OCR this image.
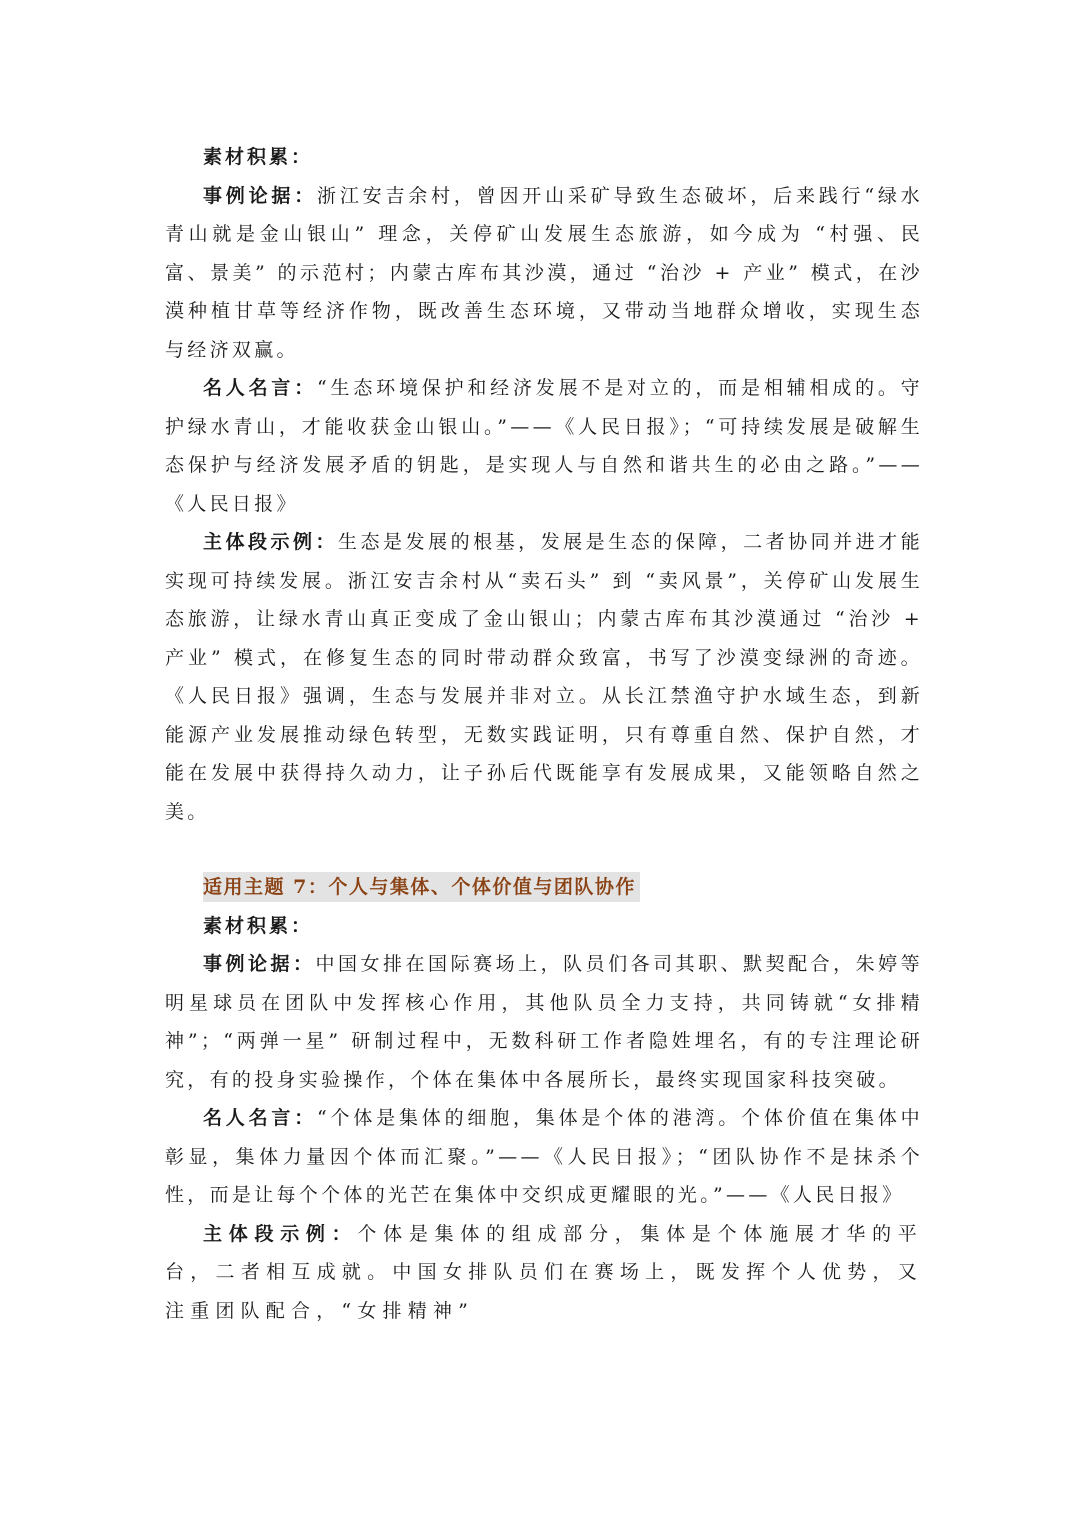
素材积累：

事例论据：浙江安吉余村，曾因开山采矿导致生态破坏，后来践行“绿水青山就是金山银山” 理念，关停矿山发展生态旅游，如今成为 “村强、民富、景美” 的示范村；内蒙古库布其沙漠，通过 “治沙 + 产业” 模式，在沙漠种植甘草等经济作物，既改善生态环境，又带动当地群众增收，实现生态与经济双赢。

名人名言：“生态环境保护和经济发展不是对立的，而是相辅相成的。守护绿水青山，才能收获金山银山。”——《人民日报》；“可持续发展是破解生态保护与经济发展矛盾的钥匙，是实现人与自然和谐共生的必由之路。”——《人民日报》

主体段示例：生态是发展的根基，发展是生态的保障，二者协同并进才能实现可持续发展。浙江安吉余村从“卖石头” 到 “卖风景”，关停矿山发展生态旅游，让绿水青山真正变成了金山银山；内蒙古库布其沙漠通过 “治沙 + 产业” 模式，在修复生态的同时带动群众致富，书写了沙漠变绿洲的奇迹。《人民日报》强调，生态与发展并非对立。从长江禁渔守护水域生态，到新能源产业发展推动绿色转型，无数实践证明，只有尊重自然、保护自然，才能在发展中获得持久动力，让子孙后代既能享有发展成果，又能领略自然之美。

适用主题 7：个人与集体、个体价值与团队协作

素材积累：

事例论据：中国女排在国际赛场上，队员们各司其职、默契配合，朱婷等明星球员在团队中发挥核心作用，其他队员全力支持，共同铸就“女排精神”；“两弹一星” 研制过程中，无数科研工作者隐姓埋名，有的专注理论研究，有的投身实验操作，个体在集体中各展所长，最终实现国家科技突破。

名人名言：“个体是集体的细胞，集体是个体的港湾。个体价值在集体中彰显，集体力量因个体而汇聚。”——《人民日报》；“团队协作不是抹杀个性，而是让每个个体的光芒在集体中交织成更耀眼的光。”——《人民日报》

主体段示例：个体是集体的组成部分，集体是个体施展才华的平台，二者相互成就。中国女排队员们在赛场上，既发挥个人优势，又注重团队配合，“女排精神”
